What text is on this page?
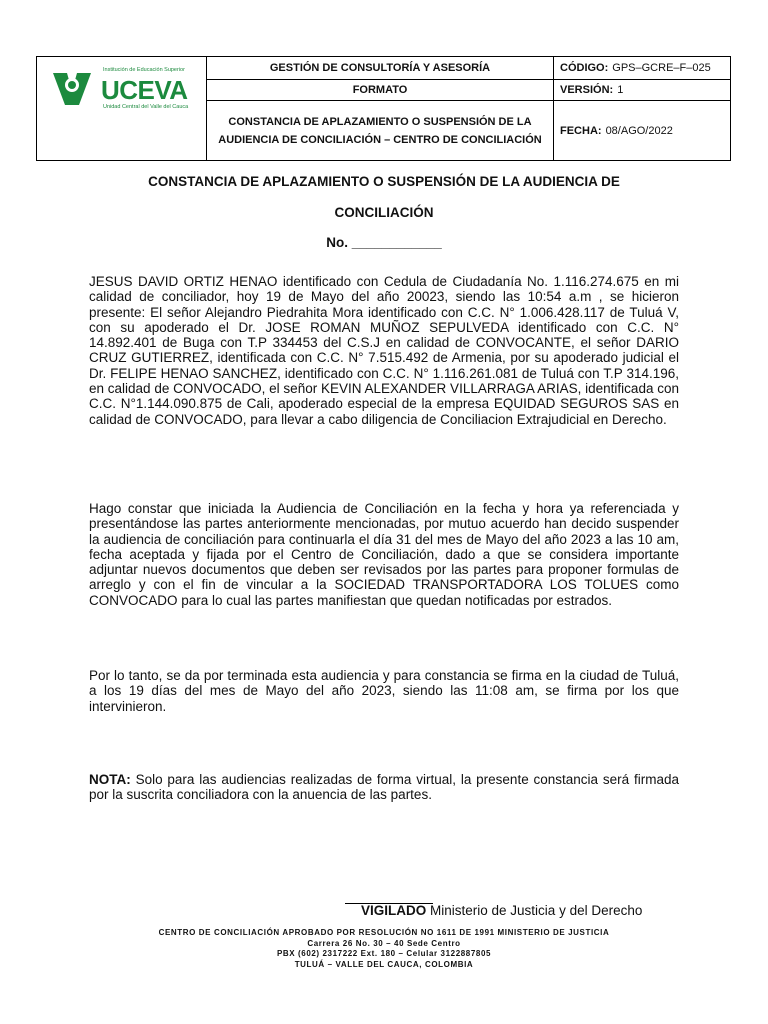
Institución de Educación Superior
UCEVA
Unidad Central del Valle del Cauca
GESTIÓN DE CONSULTORÍA Y ASESORÍA
FORMATO
CONSTANCIA DE APLAZAMIENTO O SUSPENSIÓN DE LA AUDIENCIA DE CONCILIACIÓN – CENTRO DE CONCILIACIÓN
CÓDIGO: GPS–GCRE–F–025
VERSIÓN: 1
FECHA: 08/AGO/2022
CONSTANCIA DE APLAZAMIENTO O SUSPENSIÓN DE LA AUDIENCIA DE
CONCILIACIÓN
No. ____________
JESUS DAVID ORTIZ HENAO identificado con Cedula de Ciudadanía No. 1.116.274.675 en mi calidad de conciliador, hoy 19 de Mayo del año 20023, siendo las 10:54 a.m , se hicieron presente: El señor Alejandro Piedrahita Mora identificado con C.C. N° 1.006.428.117 de Tuluá V, con su apoderado el Dr. JOSE ROMAN MUÑOZ SEPULVEDA identificado con C.C. N° 14.892.401 de Buga con T.P 334453 del C.S.J en calidad de CONVOCANTE, el señor DARIO CRUZ GUTIERREZ, identificada con C.C. N° 7.515.492 de Armenia, por su apoderado judicial el Dr. FELIPE HENAO SANCHEZ, identificado con C.C. N° 1.116.261.081 de Tuluá con T.P 314.196, en calidad de CONVOCADO, el señor KEVIN ALEXANDER VILLARRAGA ARIAS, identificada con C.C. N°1.144.090.875 de Cali, apoderado especial de la empresa EQUIDAD SEGUROS SAS en calidad de CONVOCADO, para llevar a cabo diligencia de Conciliacion Extrajudicial en Derecho.
Hago constar que iniciada la Audiencia de Conciliación en la fecha y hora ya referenciada y presentándose las partes anteriormente mencionadas, por mutuo acuerdo han decido suspender la audiencia de conciliación para continuarla el día 31 del mes de Mayo del año 2023 a las 10 am, fecha aceptada y fijada por el Centro de Conciliación, dado a que se considera importante adjuntar nuevos documentos que deben ser revisados por las partes para proponer formulas de arreglo y con el fin de vincular a la SOCIEDAD TRANSPORTADORA LOS TOLUES como CONVOCADO para lo cual las partes manifiestan que quedan notificadas por estrados.
Por lo tanto, se da por terminada esta audiencia y para constancia se firma en la ciudad de Tuluá, a los 19 días del mes de Mayo del año 2023, siendo las 11:08 am, se firma por los que intervinieron.
NOTA: Solo para las audiencias realizadas de forma virtual, la presente constancia será firmada por la suscrita conciliadora con la anuencia de las partes.
VIGILADO Ministerio de Justicia y del Derecho
CENTRO DE CONCILIACIÓN APROBADO POR RESOLUCIÓN NO 1611 DE 1991 MINISTERIO DE JUSTICIA
Carrera 26 No. 30 – 40 Sede Centro
PBX (602) 2317222 Ext. 180 – Celular 3122887805
TULUÁ – VALLE DEL CAUCA, COLOMBIA
